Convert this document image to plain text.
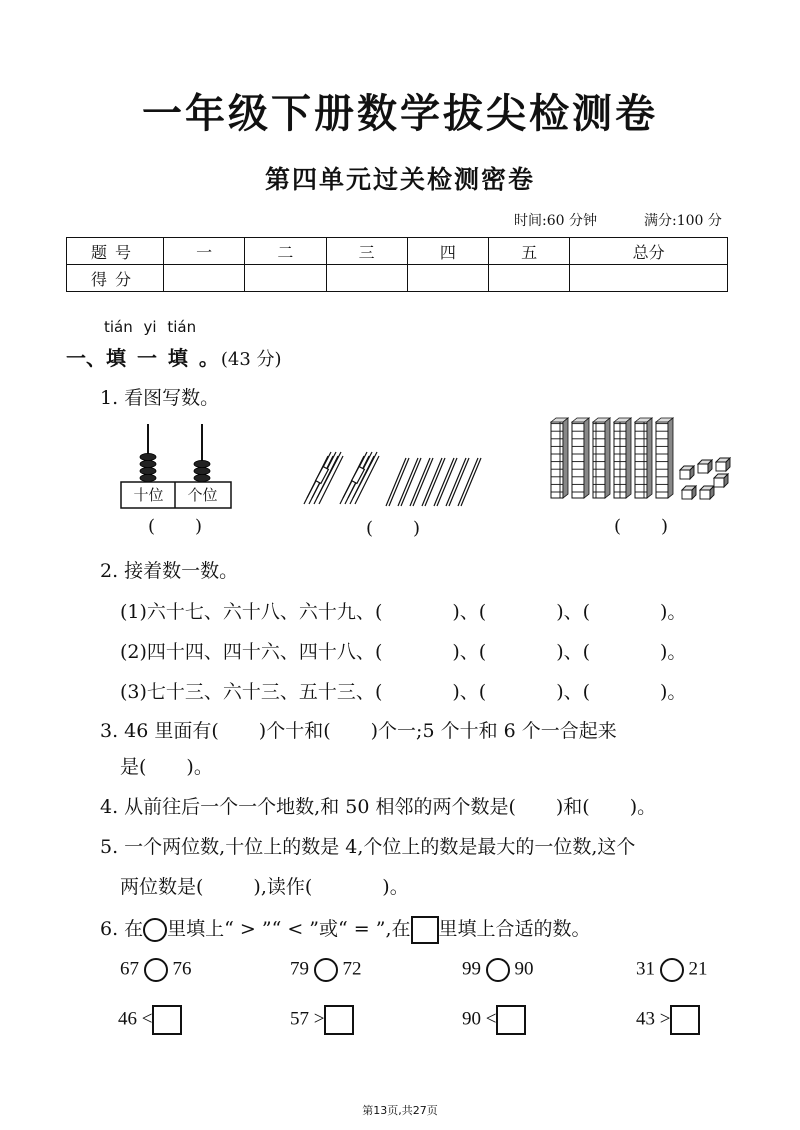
一年级下册数学拔尖检测卷
第四单元过关检测密卷
时间:60 分钟	满分:100 分
题号	一	二	三	四	五	总分
得分						
tián yi tián
一、填 一 填 。(43 分)
1. 看图写数。
十位	个位
( )	( )	( )
2. 接着数一数。
(1)六十七、六十八、六十九、(	)、(	)、(	)。
(2)四十四、四十六、四十八、(	)、(	)、(	)。
(3)七十三、六十三、五十三、(	)、(	)、(	)。
3. 46 里面有( )个十和( )个一;5 个十和 6 个一合起来
是( )。
4. 从前往后一个一个地数,和 50 相邻的两个数是( )和( )。
5. 一个两位数,十位上的数是 4,个位上的数是最大的一位数,这个
两位数是(	),读作(	)。
6. 在 里填上“ > ”“ < ”或“ = ”,在 里填上合适的数。
67 76	79 72	99 90	31 21
46 <	57 >	90 <	43 >
第13页,共27页
